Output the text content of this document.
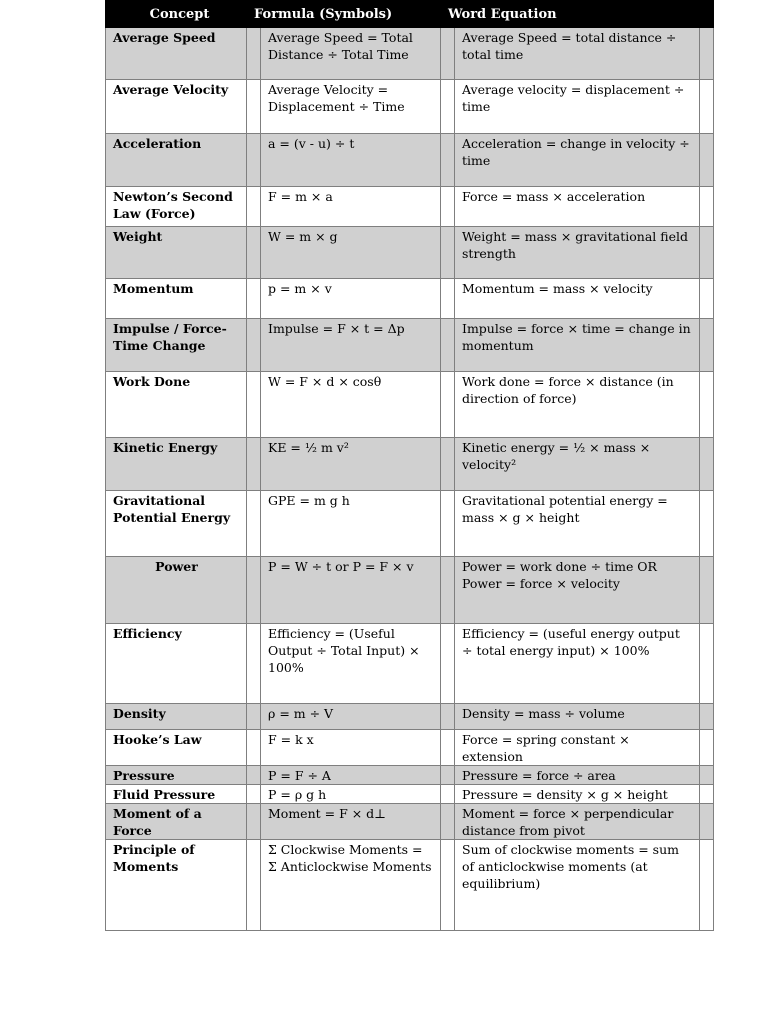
Concept	Formula (Symbols)		Word Equation		
Average Speed		Average Speed = Total Distance ÷ Total Time		Average Speed = total distance ÷ total time	
Average Velocity		Average Velocity = Displacement ÷ Time		Average velocity = displacement ÷ time	
Acceleration		a = (v - u) ÷ t		Acceleration = change in velocity ÷ time	
Newton’s Second Law (Force)		F = m × a		Force = mass × acceleration	
Weight		W = m × g		Weight = mass × gravitational field strength	
Momentum		p = m × v		Momentum = mass × velocity	
Impulse / Force-Time Change		Impulse = F × t = Δp		Impulse = force × time = change in momentum	
Work Done		W = F × d × cosθ		Work done = force × distance (in direction of force)	
Kinetic Energy		KE = ½ m v²		Kinetic energy = ½ × mass × velocity²	
Gravitational Potential Energy		GPE = m g h		Gravitational potential energy = mass × g × height	
Power		P = W ÷ t or P = F × v		Power = work done ÷ time OR Power = force × velocity	
Efficiency		Efficiency = (Useful Output ÷ Total Input) × 100%		Efficiency = (useful energy output ÷ total energy input) × 100%	
Density		ρ = m ÷ V		Density = mass ÷ volume	
Hooke’s Law		F = k x		Force = spring constant × extension	
Pressure		P = F ÷ A		Pressure = force ÷ area	
Fluid Pressure		P = ρ g h		Pressure = density × g × height	
Moment of a Force		Moment = F × d⊥		Moment = force × perpendicular distance from pivot	
Principle of Moments		Σ Clockwise Moments = Σ Anticlockwise Moments		Sum of clockwise moments = sum of anticlockwise moments (at equilibrium)	
